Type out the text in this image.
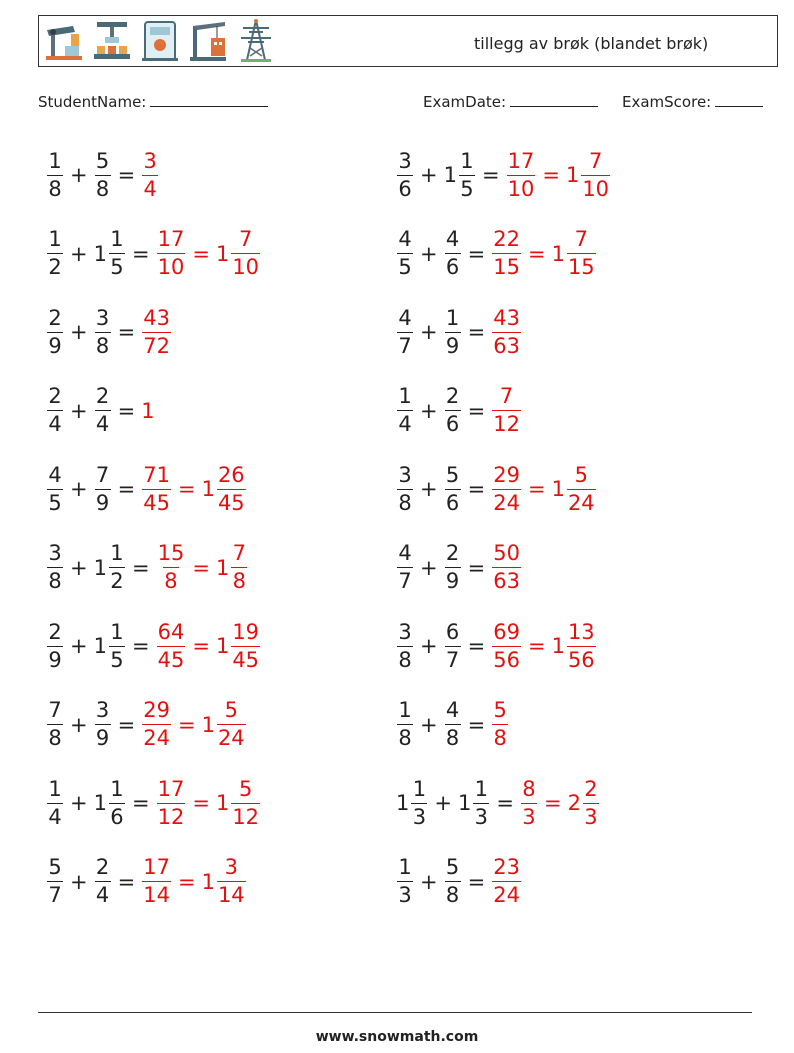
tillegg av brøk (blandet brøk)
StudentName:	ExamDate:	ExamScore:
$\frac{1}{8} + \frac{5}{8} = \frac{3}{4}$	$\frac{3}{6} + 1 \frac{1}{5} = \frac{17}{10} = 1 \frac{7}{10}$
$\frac{1}{2} + 1 \frac{1}{5} = \frac{17}{10} = 1 \frac{7}{10}$	$\frac{4}{5} + \frac{4}{6} = \frac{22}{15} = 1 \frac{7}{15}$
$\frac{2}{9} + \frac{3}{8} = \frac{43}{72}$	$\frac{4}{7} + \frac{1}{9} = \frac{43}{63}$
$\frac{2}{4} + \frac{2}{4} = 1$	$\frac{1}{4} + \frac{2}{6} = \frac{7}{12}$
$\frac{4}{5} + \frac{7}{9} = \frac{71}{45} = 1 \frac{26}{45}$	$\frac{3}{8} + \frac{5}{6} = \frac{29}{24} = 1 \frac{5}{24}$
$\frac{3}{8} + 1 \frac{1}{2} = \frac{15}{8} = 1 \frac{7}{8}$	$\frac{4}{7} + \frac{2}{9} = \frac{50}{63}$
$\frac{2}{9} + 1 \frac{1}{5} = \frac{64}{45} = 1 \frac{19}{45}$	$\frac{3}{8} + \frac{6}{7} = \frac{69}{56} = 1 \frac{13}{56}$
$\frac{7}{8} + \frac{3}{9} = \frac{29}{24} = 1 \frac{5}{24}$	$\frac{1}{8} + \frac{4}{8} = \frac{5}{8}$
$\frac{1}{4} + 1 \frac{1}{6} = \frac{17}{12} = 1 \frac{5}{12}$	$1 \frac{1}{3} + 1 \frac{1}{3} = \frac{8}{3} = 2 \frac{2}{3}$
$\frac{5}{7} + \frac{2}{4} = \frac{17}{14} = 1 \frac{3}{14}$	$\frac{1}{3} + \frac{5}{8} = \frac{23}{24}$
www.snowmath.com
